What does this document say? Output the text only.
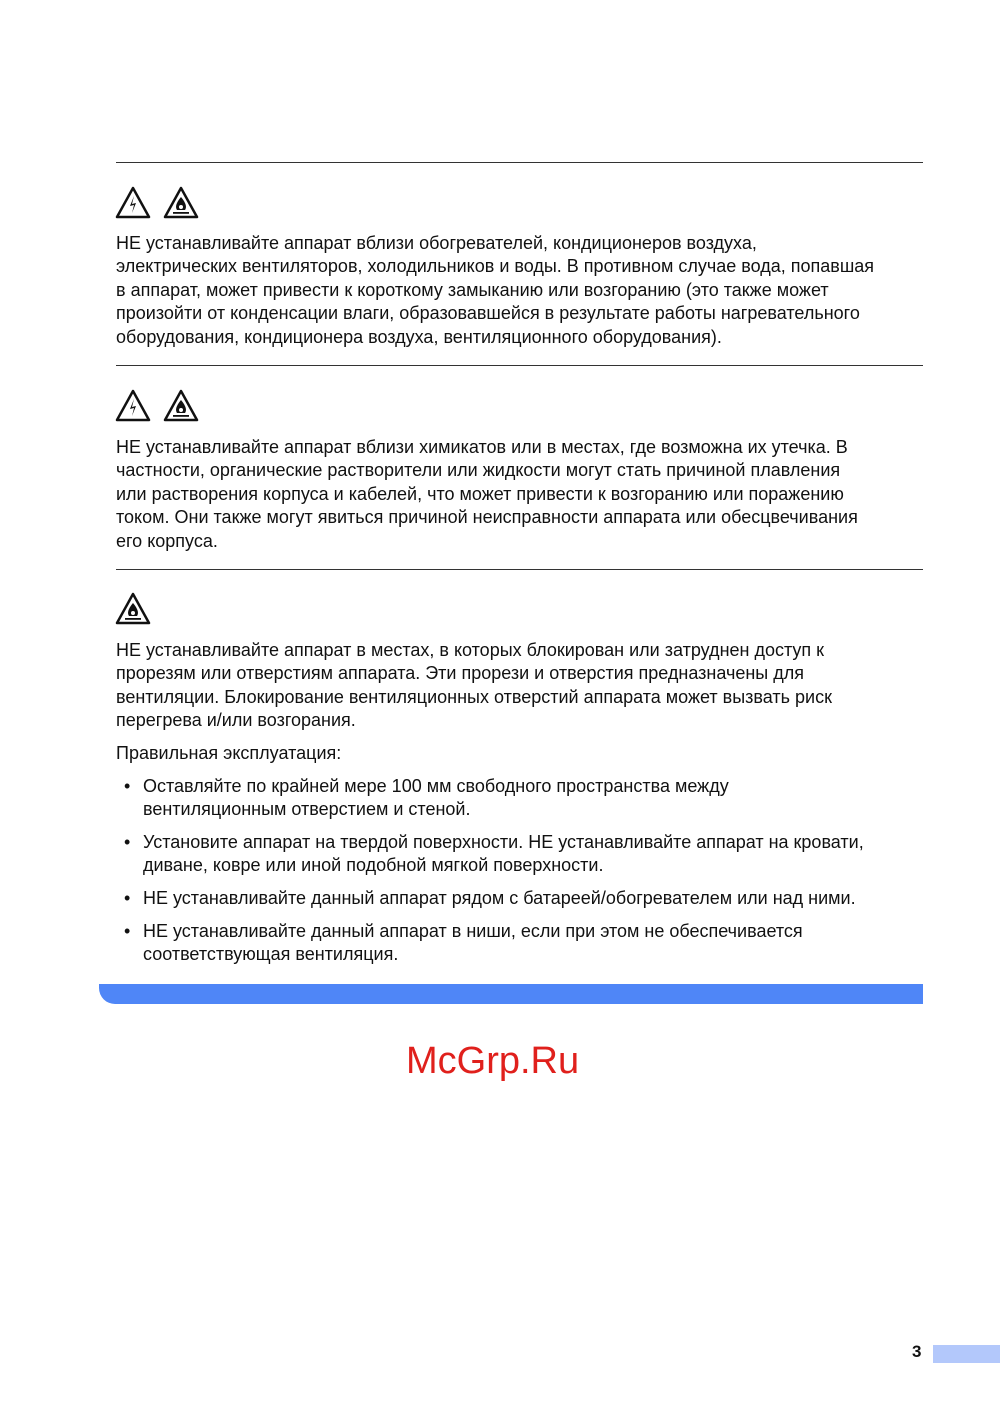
НЕ устанавливайте аппарат вблизи обогревателей, кондиционеров воздуха,
электрических вентиляторов, холодильников и воды. В противном случае вода, попавшая
в аппарат, может привести к короткому замыканию или возгоранию (это также может
произойти от конденсации влаги, образовавшейся в результате работы нагревательного
оборудования, кондиционера воздуха, вентиляционного оборудования).
НЕ устанавливайте аппарат вблизи химикатов или в местах, где возможна их утечка. В
частности, органические растворители или жидкости могут стать причиной плавления
или растворения корпуса и кабелей, что может привести к возгоранию или поражению
током. Они также могут явиться причиной неисправности аппарата или обесцвечивания
его корпуса.
НЕ устанавливайте аппарат в местах, в которых блокирован или затруднен доступ к
прорезям или отверстиям аппарата. Эти прорези и отверстия предназначены для
вентиляции. Блокирование вентиляционных отверстий аппарата может вызвать риск
перегрева и/или возгорания.
Правильная эксплуатация:
• Оставляйте по крайней мере 100 мм свободного пространства между
вентиляционным отверстием и стеной.
• Установите аппарат на твердой поверхности. НЕ устанавливайте аппарат на кровати,
диване, ковре или иной подобной мягкой поверхности.
• НЕ устанавливайте данный аппарат рядом с батареей/обогревателем или над ними.
• НЕ устанавливайте данный аппарат в ниши, если при этом не обеспечивается
соответствующая вентиляция.
McGrp.Ru
3
